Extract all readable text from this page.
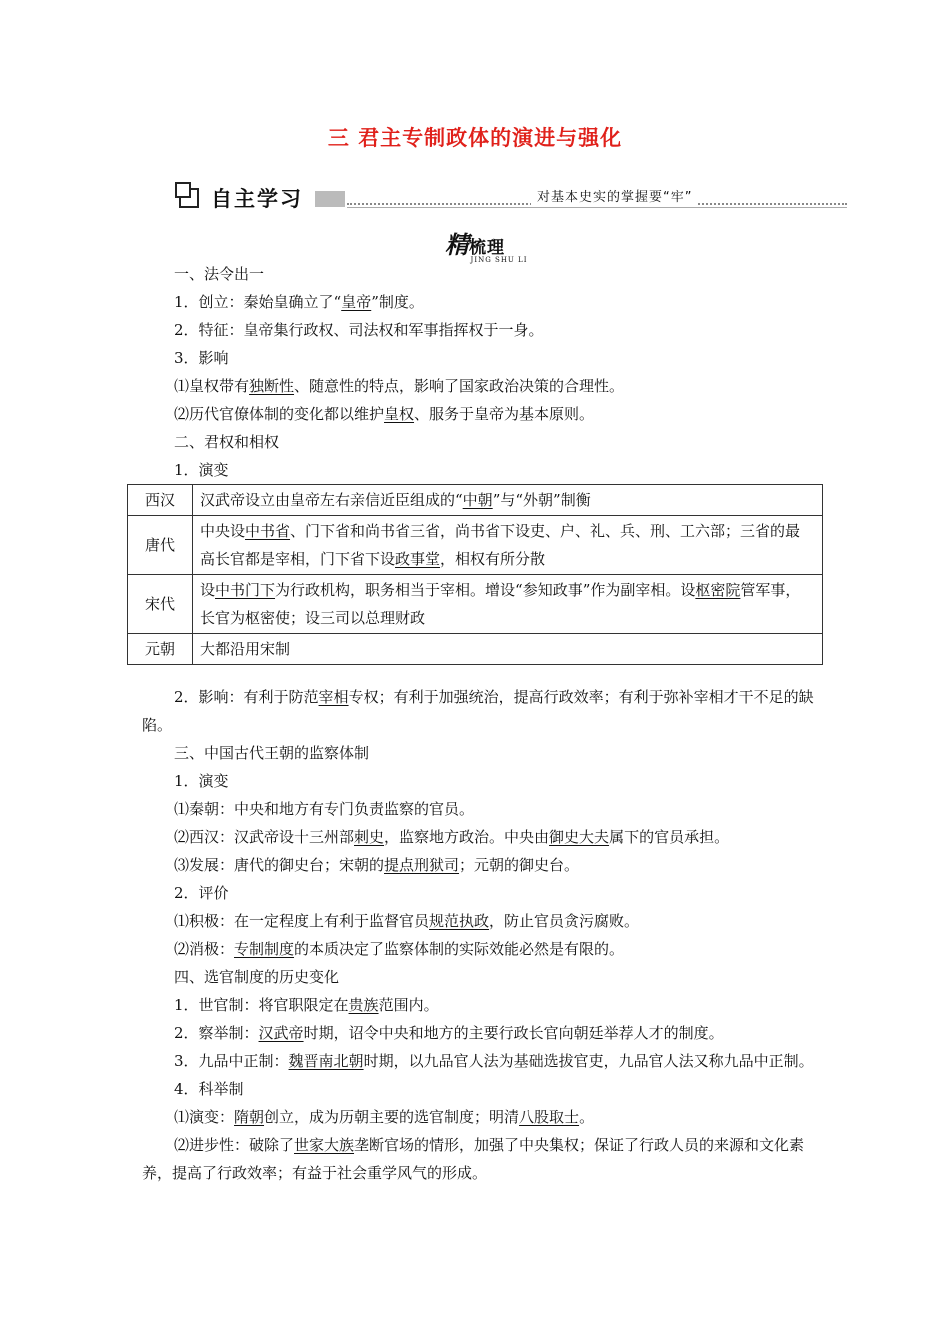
三 君主专制政体的演进与强化
自主学习	对基本史实的掌握要“牢”
精梳理
JING SHU LI

一、法令出一

1．创立：秦始皇确立了“皇帝”制度。

2．特征：皇帝集行政权、司法权和军事指挥权于一身。

3．影响

⑴皇权带有独断性、随意性的特点，影响了国家政治决策的合理性。

⑵历代官僚体制的变化都以维护皇权、服务于皇帝为基本原则。

二、君权和相权

1．演变

西汉	汉武帝设立由皇帝左右亲信近臣组成的“中朝”与“外朝”制衡
唐代	中央设中书省、门下省和尚书省三省，尚书省下设吏、户、礼、兵、刑、工六部；三省的最高长官都是宰相，门下省下设政事堂，相权有所分散
宋代	设中书门下为行政机构，职务相当于宰相。增设“参知政事”作为副宰相。设枢密院管军事，长官为枢密使；设三司以总理财政
元朝	大都沿用宋制

2．影响：有利于防范宰相专权；有利于加强统治，提高行政效率；有利于弥补宰相才干不足的缺陷。

三、中国古代王朝的监察体制

1．演变

⑴秦朝：中央和地方有专门负责监察的官员。

⑵西汉：汉武帝设十三州部刺史，监察地方政治。中央由御史大夫属下的官员承担。

⑶发展：唐代的御史台；宋朝的提点刑狱司；元朝的御史台。

2．评价

⑴积极：在一定程度上有利于监督官员规范执政，防止官员贪污腐败。

⑵消极：专制制度的本质决定了监察体制的实际效能必然是有限的。

四、选官制度的历史变化

1．世官制：将官职限定在贵族范围内。

2．察举制：汉武帝时期，诏令中央和地方的主要行政长官向朝廷举荐人才的制度。

3．九品中正制：魏晋南北朝时期，以九品官人法为基础选拔官吏，九品官人法又称九品中正制。

4．科举制

⑴演变：隋朝创立，成为历朝主要的选官制度；明清八股取士。

⑵进步性：破除了世家大族垄断官场的情形，加强了中央集权；保证了行政人员的来源和文化素养，提高了行政效率；有益于社会重学风气的形成。
